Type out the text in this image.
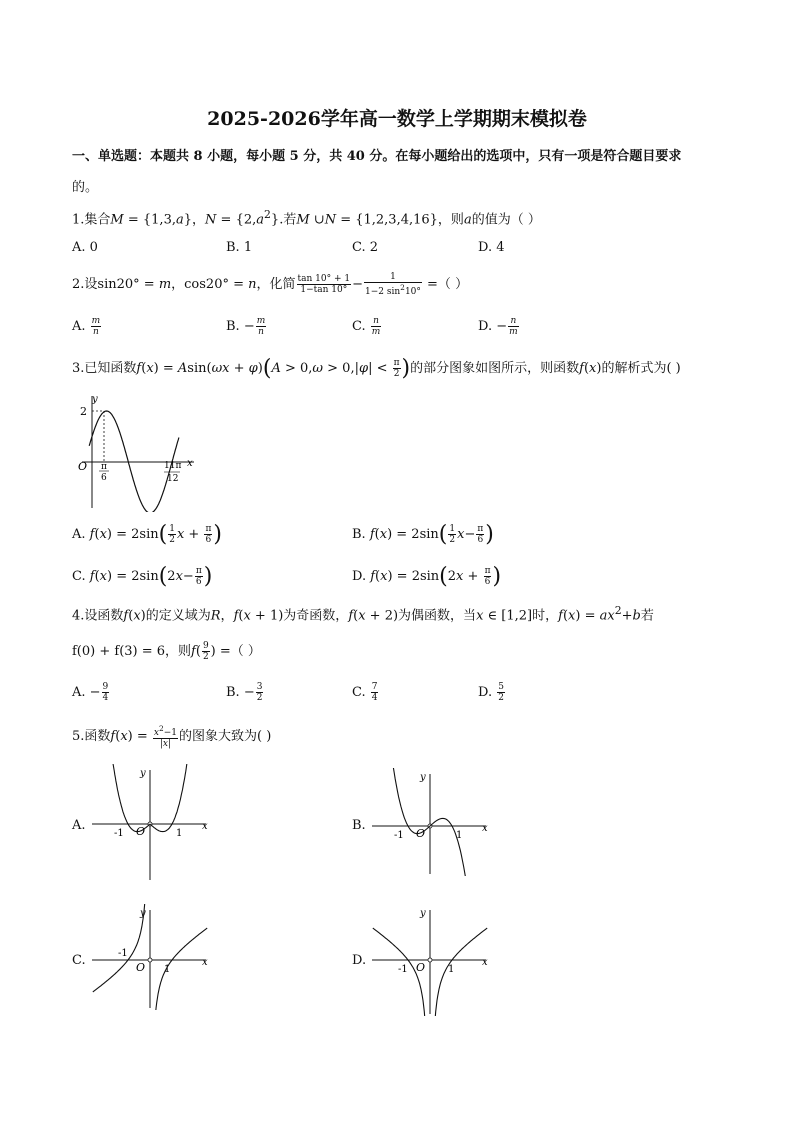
2025-2026学年高一数学上学期期末模拟卷
一、单选题：本题共 8 小题，每小题 5 分，共 40 分。在每小题给出的选项中，只有一项是符合题目要求
的。
1.集合M = {1,3,a}，$N = \{2,a^2\}$.若M ∪N = {1,2,3,4,16}，则a的值为（ ）
A. 0	B. 1	C. 2	D. 4
2.设sin20° = m，cos20° = n，化简 $\frac{\tan 10^\circ + 1}{1-\tan 10^\circ} - \frac{1}{1-2 \sin^210^\circ}$ =（ ）
A. $\frac{m}{n}$	B. − $\frac{m}{n}$	C. $\frac{n}{m}$	D. − $\frac{n}{m}$
3.已知函数$f(x) = Asin(\omega x + \varphi)(A > 0,\omega > 0,|\varphi| < \frac{\pi}{2}$ )的部分图象如图所示，则函数f(x)的解析式为( )
2
y
O	x
π
6
11π
12
A. $f(x) = 2\sin( \frac{1}{2}$ $x + \frac{\pi}{6}$ )	B. $f(x) = 2\sin( \frac{1}{2} x- \frac{\pi}{6}$ )
C. $f(x) = 2\sin(2x- \frac{\pi}{6}$ )	D. $f(x) = 2\sin(2x + \frac{\pi}{6}$ )
4.设函数f(x)的定义域为R，f(x + 1)为奇函数，f(x + 2)为偶函数，当x ∈ [1,2]时，$f(x) = ax^2+b$若
f(0) + f(3) = 6，则$f( \frac{9}{2}$ ) =（ ）
A. − $\frac{9}{4}$	B. − $\frac{3}{2}$	C. $\frac{7}{4}$	D. $\frac{5}{2}$
5.函数$f(x) = \frac{x^2-1}{|x|}$ 的图象大致为( )
A.	B.
C.	D.
x
y
O
-1	1	x
y
O
-1	1
x
y
O
-1
1
x
y
O
-1	1
